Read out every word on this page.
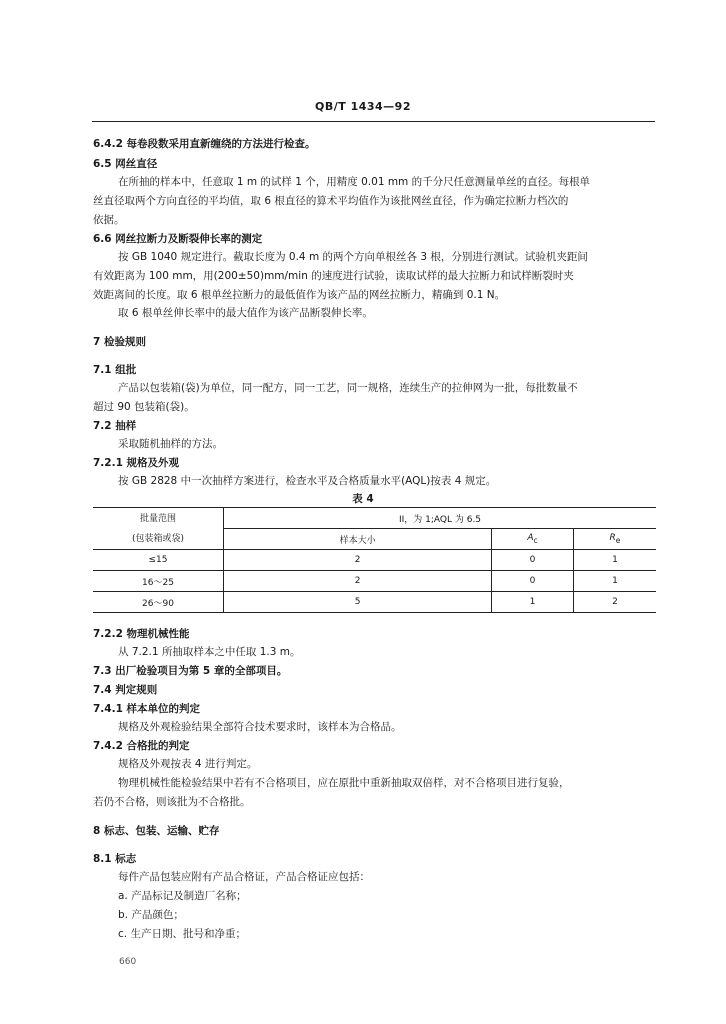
QB/T 1434—92
6.4.2 每卷段数采用直新缠绕的方法进行检查。
6.5 网丝直径
在所抽的样本中，任意取 1 m 的试样 1 个，用精度 0.01 mm 的千分尺任意测量单丝的直径。每根单
丝直径取两个方向直径的平均值，取 6 根直径的算术平均值作为该批网丝直径，作为确定拉断力档次的
依据。
6.6 网丝拉断力及断裂伸长率的测定
按 GB 1040 规定进行。截取长度为 0.4 m 的两个方向单根丝各 3 根，分别进行测试。试验机夹距间
有效距离为 100 mm，用(200±50)mm/min 的速度进行试验，读取试样的最大拉断力和试样断裂时夹
效距离间的长度。取 6 根单丝拉断力的最低值作为该产品的网丝拉断力，精确到 0.1 N。
取 6 根单丝伸长率中的最大值作为该产品断裂伸长率。
7 检验规则
7.1 组批
产品以包装箱(袋)为单位，同一配方，同一工艺，同一规格，连续生产的拉伸网为一批，每批数量不
超过 90 包装箱(袋)。
7.2 抽样
采取随机抽样的方法。
7.2.1 规格及外观
按 GB 2828 中一次抽样方案进行，检查水平及合格质量水平(AQL)按表 4 规定。
表 4
批量范围
(包装箱或袋)	II，为 1;AQL 为 6.5		
	样本大小	$A_c$	$R_e$
≤15	2	0	1
16～25	2	0	1
26～90	5	1	2
7.2.2 物理机械性能
从 7.2.1 所抽取样本之中任取 1.3 m。
7.3 出厂检验项目为第 5 章的全部项目。
7.4 判定规则
7.4.1 样本单位的判定
规格及外观检验结果全部符合技术要求时，该样本为合格品。
7.4.2 合格批的判定
规格及外观按表 4 进行判定。
物理机械性能检验结果中若有不合格项目，应在原批中重新抽取双倍样，对不合格项目进行复验，
若仍不合格，则该批为不合格批。
8 标志、包装、运输、贮存
8.1 标志
每件产品包装应附有产品合格证，产品合格证应包括：
a. 产品标记及制造厂名称；
b. 产品颜色；
c. 生产日期、批号和净重；
660
